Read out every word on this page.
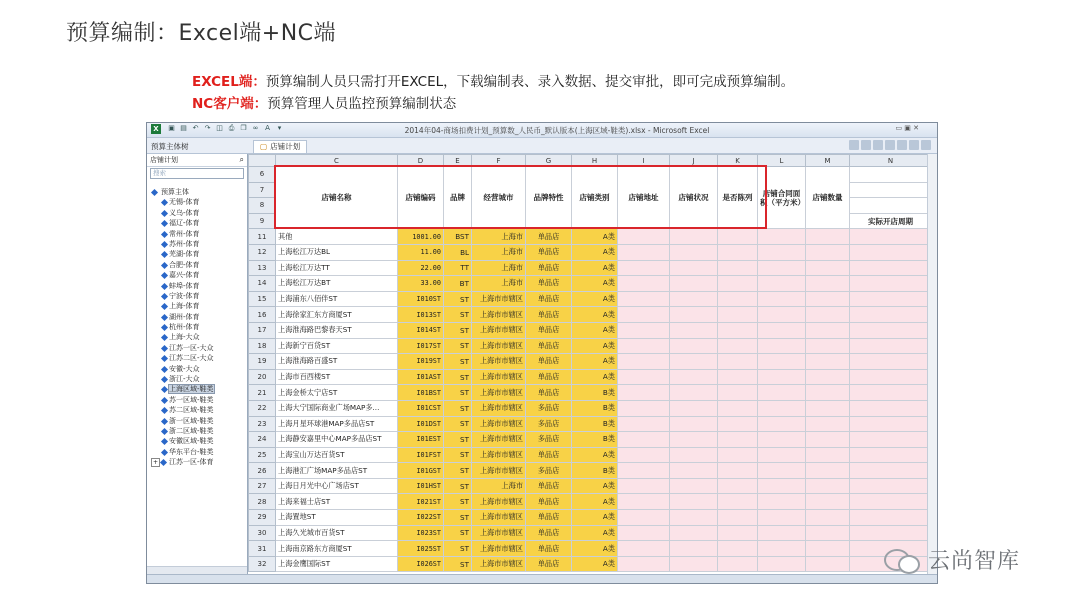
预算编制：Excel端+NC端
EXCEL端：预算编制人员只需打开EXCEL，下载编制表、录入数据、提交审批，即可完成预算编制。
NC客户端：预算管理人员监控预算编制状态
X	▣ ▤ ↶ ↷ ◫ ⎙ ❐ ∞ A	▾	2014年04-商场扣费计划_预算数_人民币_默认版本(上海区域-鞋类).xlsx - Microsoft Excel	▭ ▣ ✕
预算主体树	▢ 店铺计划
店铺计划	⌕
搜索
预算主体
无锡-体育
义乌-体育
福辽-体育
常州-体育
苏州-体育
芜湖-体育
合肥-体育
嘉兴-体育
蚌埠-体育
宁波-体育
上海-体育
湖州-体育
杭州-体育
上海-大众
江苏一区-大众
江苏二区-大众
安徽-大众
浙江-大众
上海区域-鞋类
苏一区域-鞋类
苏二区域-鞋类
浙一区域-鞋类
浙二区域-鞋类
安徽区域-鞋类
华东平台-鞋类
+ 江苏一区-体育
	C	D	E	F	G	H	I	J	K	L	M	N
6	店铺名称	店铺编码	品牌	经营城市	品牌特性	店铺类别	店铺地址	店铺状况	是否陈列	店铺合同面积（平方米）	店铺数量	
7												
8												
9												实际开店周期
11	其他	1001.00	BST	上海市	单品店	A类						
12	上海松江万达BL	11.00	BL	上海市	单品店	A类						
13	上海松江万达TT	22.00	TT	上海市	单品店	A类						
14	上海松江万达BT	33.00	BT	上海市	单品店	A类						
15	上海浦东八佰伴ST	I010ST	ST	上海市市辖区	单品店	A类						
16	上海徐家汇东方商厦ST	I013ST	ST	上海市市辖区	单品店	A类						
17	上海淮海路巴黎春天ST	I014ST	ST	上海市市辖区	单品店	A类						
18	上海新宁百货ST	I017ST	ST	上海市市辖区	单品店	A类						
19	上海淮海路百盛ST	I019ST	ST	上海市市辖区	单品店	A类						
20	上海市百西楼ST	I01AST	ST	上海市市辖区	单品店	A类						
21	上海金桥太宁店ST	I01BST	ST	上海市市辖区	单品店	B类						
22	上海大宁国际商业广场MAP多...	I01CST	ST	上海市市辖区	多品店	B类						
23	上海月星环球港MAP多品店ST	I01DST	ST	上海市市辖区	多品店	B类						
24	上海静安嘉里中心MAP多品店ST	I01EST	ST	上海市市辖区	多品店	B类						
25	上海宝山万达百货ST	I01FST	ST	上海市市辖区	单品店	A类						
26	上海港汇广场MAP多品店ST	I01GST	ST	上海市市辖区	多品店	B类						
27	上海日月光中心广场店ST	I01HST	ST	上海市	单品店	A类						
28	上海来福士店ST	I021ST	ST	上海市市辖区	单品店	A类						
29	上海置地ST	I022ST	ST	上海市市辖区	单品店	A类						
30	上海久光城市百货ST	I023ST	ST	上海市市辖区	单品店	A类						
31	上海南京路东方商厦ST	I025ST	ST	上海市市辖区	单品店	A类						
32	上海金鹰国际ST	I026ST	ST	上海市市辖区	单品店	A类							云尚智库
